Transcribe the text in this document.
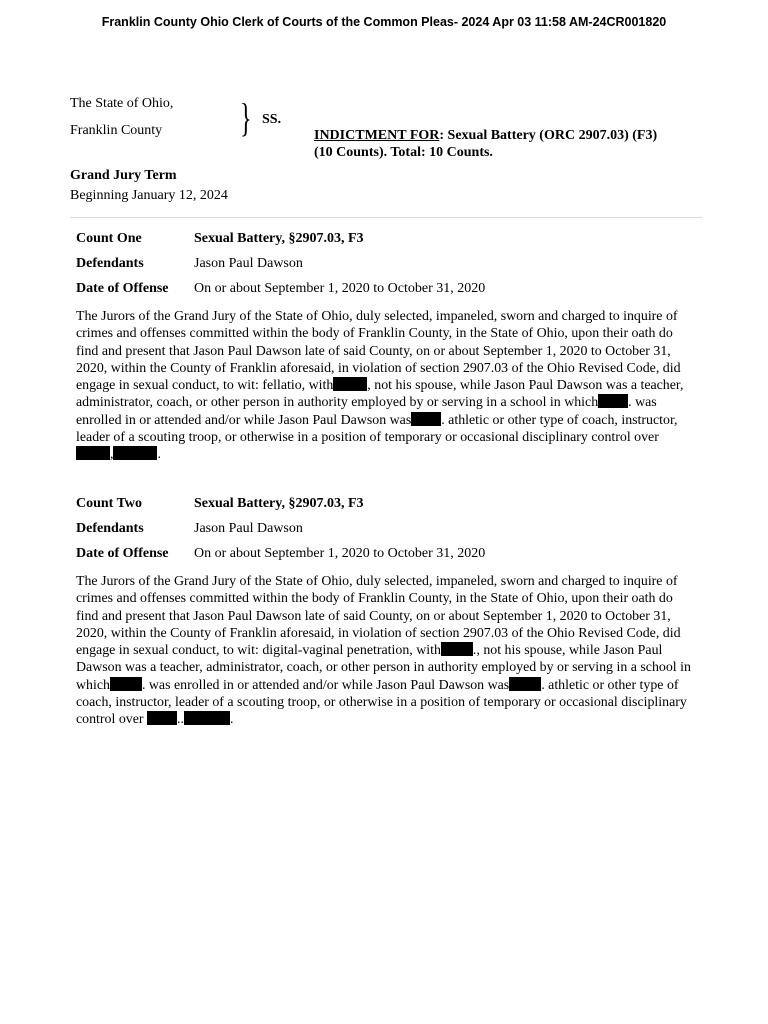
Franklin County Ohio Clerk of Courts of the Common Pleas- 2024 Apr 03 11:58 AM-24CR001820
The State of Ohio,
Franklin County } SS.
INDICTMENT FOR: Sexual Battery (ORC 2907.03) (F3)
(10 Counts). Total: 10 Counts.
Grand Jury Term
Beginning January 12, 2024
Count One	Sexual Battery, §2907.03, F3
Defendants	Jason Paul Dawson
Date of Offense On or about September 1, 2020 to October 31, 2020
The Jurors of the Grand Jury of the State of Ohio, duly selected, impaneled, sworn and charged to inquire of crimes and offenses committed within the body of Franklin County, in the State of Ohio, upon their oath do find and present that Jason Paul Dawson late of said County, on or about September 1, 2020 to October 31, 2020, within the County of Franklin aforesaid, in violation of section 2907.03 of the Ohio Revised Code, did engage in sexual conduct, to wit: fellatio, with , not his spouse, while Jason Paul Dawson was a teacher, administrator, coach, or other person in authority employed by or serving in a school in which . was enrolled in or attended and/or while Jason Paul Dawson was . athletic or other type of coach, instructor, leader of a scouting troop, or otherwise in a position of temporary or occasional disciplinary control over ,	.
Count Two	Sexual Battery, §2907.03, F3
Defendants	Jason Paul Dawson
Date of Offense On or about September 1, 2020 to October 31, 2020
The Jurors of the Grand Jury of the State of Ohio, duly selected, impaneled, sworn and charged to inquire of crimes and offenses committed within the body of Franklin County, in the State of Ohio, upon their oath do find and present that Jason Paul Dawson late of said County, on or about September 1, 2020 to October 31, 2020, within the County of Franklin aforesaid, in violation of section 2907.03 of the Ohio Revised Code, did engage in sexual conduct, to wit: digital-vaginal penetration, with ., not his spouse, while Jason Paul Dawson was a teacher, administrator, coach, or other person in authority employed by or serving in a school in which . was enrolled in or attended and/or while Jason Paul Dawson was . athletic or other type of coach, instructor, leader of a scouting troop, or otherwise in a position of temporary or occasional disciplinary control over ..	.
